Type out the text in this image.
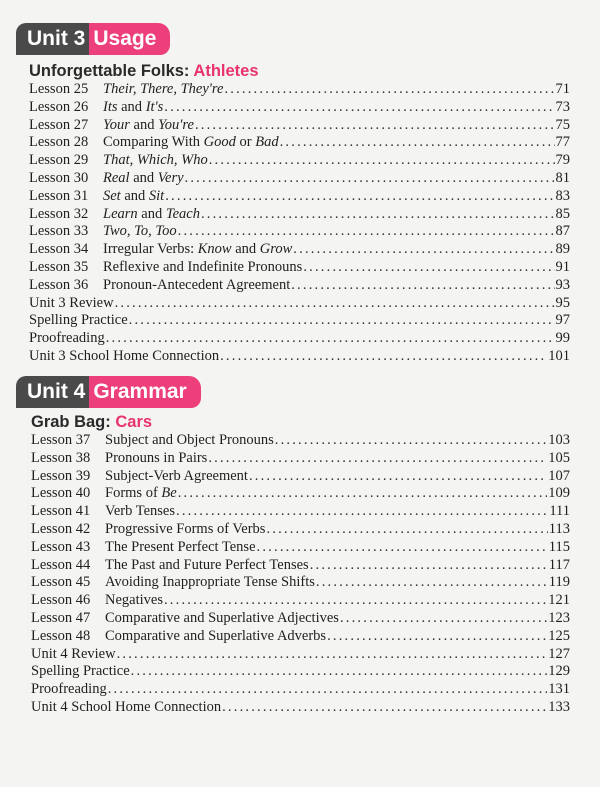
Unit 3 Usage
Unforgettable Folks: Athletes
Lesson 25	Their, There, They're .....	71
Lesson 26	Its and It's .....	73
Lesson 27	Your and You're .....	75
Lesson 28	Comparing With Good or Bad .....	77
Lesson 29	That, Which, Who .....	79
Lesson 30	Real and Very .....	81
Lesson 31	Set and Sit .....	83
Lesson 32	Learn and Teach .....	85
Lesson 33	Two, To, Too .....	87
Lesson 34	Irregular Verbs: Know and Grow .....	89
Lesson 35	Reflexive and Indefinite Pronouns .....	91
Lesson 36	Pronoun-Antecedent Agreement .....	93
Unit 3 Review .....	95
Spelling Practice .....	97
Proofreading .....	99
Unit 3 School Home Connection .....	101
Unit 4 Grammar
Grab Bag: Cars
Lesson 37	Subject and Object Pronouns .....	103
Lesson 38	Pronouns in Pairs .....	105
Lesson 39	Subject-Verb Agreement .....	107
Lesson 40	Forms of Be .....	109
Lesson 41	Verb Tenses .....	111
Lesson 42	Progressive Forms of Verbs .....	113
Lesson 43	The Present Perfect Tense .....	115
Lesson 44	The Past and Future Perfect Tenses .....	117
Lesson 45	Avoiding Inappropriate Tense Shifts .....	119
Lesson 46	Negatives .....	121
Lesson 47	Comparative and Superlative Adjectives .....	123
Lesson 48	Comparative and Superlative Adverbs .....	125
Unit 4 Review .....	127
Spelling Practice .....	129
Proofreading .....	131
Unit 4 School Home Connection .....	133
